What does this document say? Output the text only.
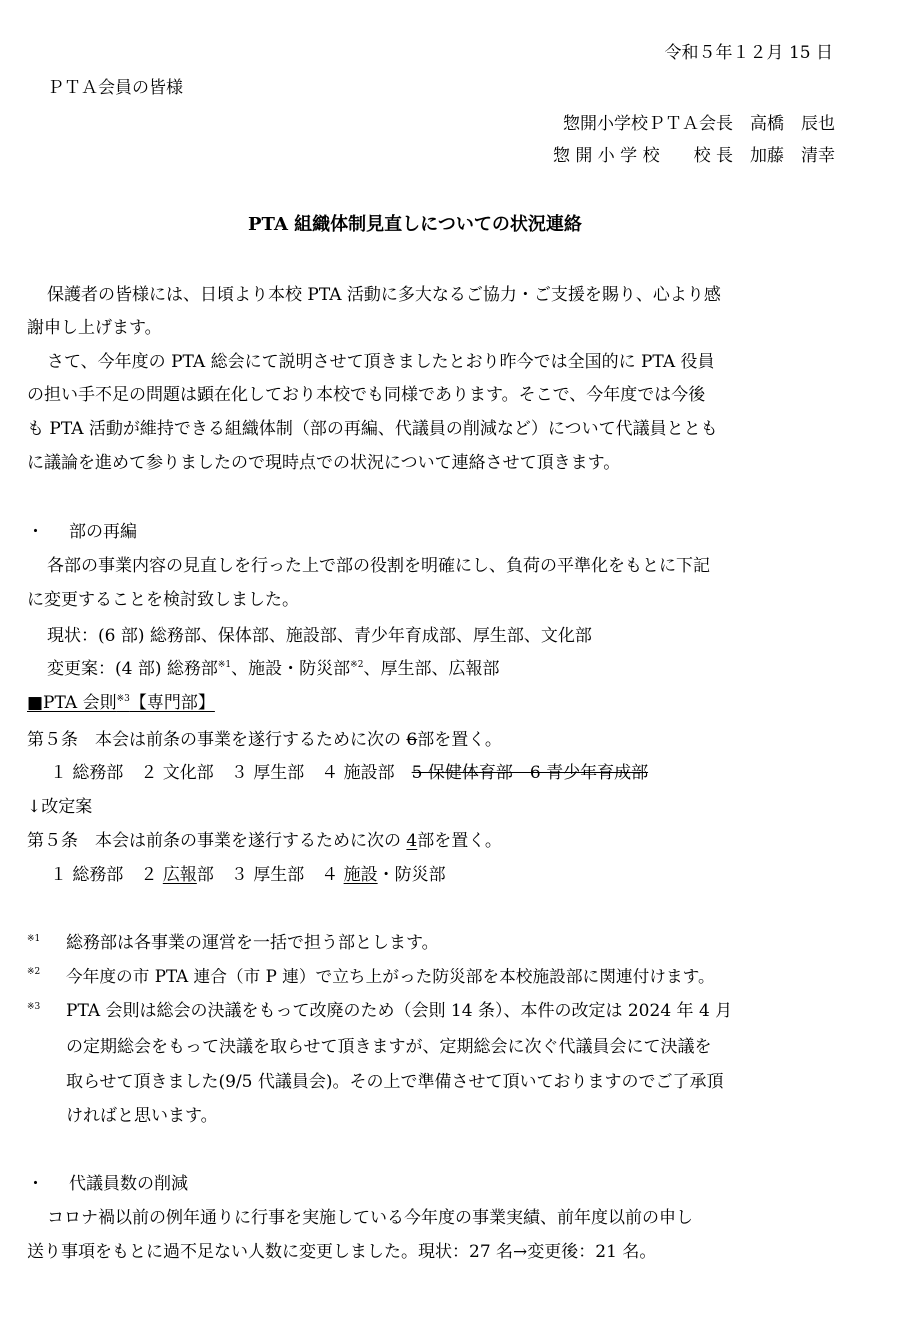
令和５年１２月 15 日
ＰＴＡ会員の皆様
惣開小学校ＰＴＡ会長　高橋　辰也
惣 開 小 学 校　　校 長　加藤　清幸
PTA 組織体制見直しについての状況連絡
保護者の皆様には、日頃より本校 PTA 活動に多大なるご協力・ご支援を賜り、心より感
謝申し上げます。
さて、今年度の PTA 総会にて説明させて頂きましたとおり昨今では全国的に PTA 役員
の担い手不足の問題は顕在化しており本校でも同様であります。そこで、今年度では今後
も PTA 活動が維持できる組織体制（部の再編、代議員の削減など）について代議員ととも
に議論を進めて参りましたので現時点での状況について連絡させて頂きます。
・ 部の再編
各部の事業内容の見直しを行った上で部の役割を明確にし、負荷の平準化をもとに下記
に変更することを検討致しました。
現状：(6 部) 総務部、保体部、施設部、青少年育成部、厚生部、文化部
変更案：(4 部) 総務部$^{※1}$、施設・防災部$^{※2}$、厚生部、広報部
■PTA 会則$^{※3}$【専門部】
第５条　本会は前条の事業を遂行するために次の 6部を置く。
１ 総務部　２ 文化部　３ 厚生部　４ 施設部　5 保健体育部　6 青少年育成部
↓改定案
第５条　本会は前条の事業を遂行するために次の 4部を置く。
１ 総務部　２ 広報部　３ 厚生部　４ 施設・防災部
$^{※1}$ 総務部は各事業の運営を一括で担う部とします。
$^{※2}$ 今年度の市 PTA 連合（市 P 連）で立ち上がった防災部を本校施設部に関連付けます。
$^{※3}$ PTA 会則は総会の決議をもって改廃のため（会則 14 条）、本件の改定は 2024 年 4 月
の定期総会をもって決議を取らせて頂きますが、定期総会に次ぐ代議員会にて決議を
取らせて頂きました(9/5 代議員会)。その上で準備させて頂いておりますのでご了承頂
ければと思います。
・ 代議員数の削減
コロナ禍以前の例年通りに行事を実施している今年度の事業実績、前年度以前の申し
送り事項をもとに過不足ない人数に変更しました。現状：27 名→変更後：21 名。
